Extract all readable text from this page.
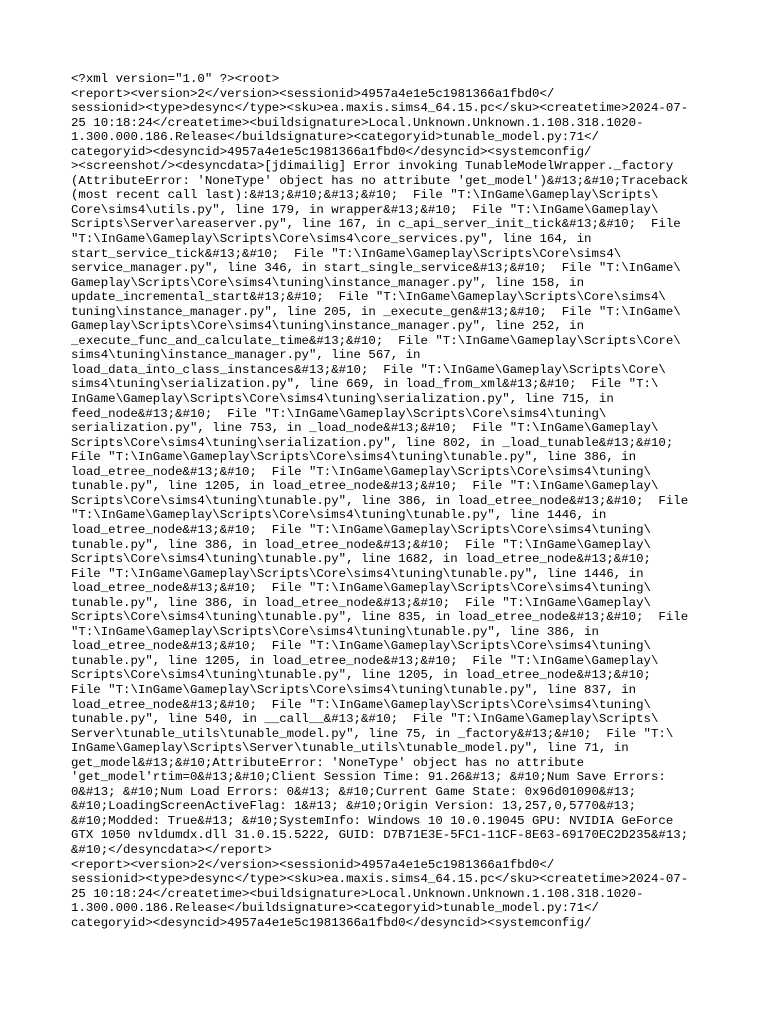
<?xml version="1.0" ?><root>
<report><version>2</version><sessionid>4957a4e1e5c1981366a1fbd0</
sessionid><type>desync</type><sku>ea.maxis.sims4_64.15.pc</sku><createtime>2024-07-
25 10:18:24</createtime><buildsignature>Local.Unknown.Unknown.1.108.318.1020-
1.300.000.186.Release</buildsignature><categoryid>tunable_model.py:71</
categoryid><desyncid>4957a4e1e5c1981366a1fbd0</desyncid><systemconfig/
><screenshot/><desyncdata>[jdimailig] Error invoking TunableModelWrapper._factory
(AttributeError: 'NoneType' object has no attribute 'get_model')&#13;&#10;Traceback
(most recent call last):&#13;&#10;&#13;&#10;  File "T:\InGame\Gameplay\Scripts\
Core\sims4\utils.py", line 179, in wrapper&#13;&#10;  File "T:\InGame\Gameplay\
Scripts\Server\areaserver.py", line 167, in c_api_server_init_tick&#13;&#10;  File
"T:\InGame\Gameplay\Scripts\Core\sims4\core_services.py", line 164, in
start_service_tick&#13;&#10;  File "T:\InGame\Gameplay\Scripts\Core\sims4\
service_manager.py", line 346, in start_single_service&#13;&#10;  File "T:\InGame\
Gameplay\Scripts\Core\sims4\tuning\instance_manager.py", line 158, in
update_incremental_start&#13;&#10;  File "T:\InGame\Gameplay\Scripts\Core\sims4\
tuning\instance_manager.py", line 205, in _execute_gen&#13;&#10;  File "T:\InGame\
Gameplay\Scripts\Core\sims4\tuning\instance_manager.py", line 252, in
_execute_func_and_calculate_time&#13;&#10;  File "T:\InGame\Gameplay\Scripts\Core\
sims4\tuning\instance_manager.py", line 567, in
load_data_into_class_instances&#13;&#10;  File "T:\InGame\Gameplay\Scripts\Core\
sims4\tuning\serialization.py", line 669, in load_from_xml&#13;&#10;  File "T:\
InGame\Gameplay\Scripts\Core\sims4\tuning\serialization.py", line 715, in
feed_node&#13;&#10;  File "T:\InGame\Gameplay\Scripts\Core\sims4\tuning\
serialization.py", line 753, in _load_node&#13;&#10;  File "T:\InGame\Gameplay\
Scripts\Core\sims4\tuning\serialization.py", line 802, in _load_tunable&#13;&#10;
File "T:\InGame\Gameplay\Scripts\Core\sims4\tuning\tunable.py", line 386, in
load_etree_node&#13;&#10;  File "T:\InGame\Gameplay\Scripts\Core\sims4\tuning\
tunable.py", line 1205, in load_etree_node&#13;&#10;  File "T:\InGame\Gameplay\
Scripts\Core\sims4\tuning\tunable.py", line 386, in load_etree_node&#13;&#10;  File
"T:\InGame\Gameplay\Scripts\Core\sims4\tuning\tunable.py", line 1446, in
load_etree_node&#13;&#10;  File "T:\InGame\Gameplay\Scripts\Core\sims4\tuning\
tunable.py", line 386, in load_etree_node&#13;&#10;  File "T:\InGame\Gameplay\
Scripts\Core\sims4\tuning\tunable.py", line 1682, in load_etree_node&#13;&#10;
File "T:\InGame\Gameplay\Scripts\Core\sims4\tuning\tunable.py", line 1446, in
load_etree_node&#13;&#10;  File "T:\InGame\Gameplay\Scripts\Core\sims4\tuning\
tunable.py", line 386, in load_etree_node&#13;&#10;  File "T:\InGame\Gameplay\
Scripts\Core\sims4\tuning\tunable.py", line 835, in load_etree_node&#13;&#10;  File
"T:\InGame\Gameplay\Scripts\Core\sims4\tuning\tunable.py", line 386, in
load_etree_node&#13;&#10;  File "T:\InGame\Gameplay\Scripts\Core\sims4\tuning\
tunable.py", line 1205, in load_etree_node&#13;&#10;  File "T:\InGame\Gameplay\
Scripts\Core\sims4\tuning\tunable.py", line 1205, in load_etree_node&#13;&#10;
File "T:\InGame\Gameplay\Scripts\Core\sims4\tuning\tunable.py", line 837, in
load_etree_node&#13;&#10;  File "T:\InGame\Gameplay\Scripts\Core\sims4\tuning\
tunable.py", line 540, in __call__&#13;&#10;  File "T:\InGame\Gameplay\Scripts\
Server\tunable_utils\tunable_model.py", line 75, in _factory&#13;&#10;  File "T:\
InGame\Gameplay\Scripts\Server\tunable_utils\tunable_model.py", line 71, in
get_model&#13;&#10;AttributeError: 'NoneType' object has no attribute
'get_model'rtim=0&#13;&#10;Client Session Time: 91.26&#13; &#10;Num Save Errors:
0&#13; &#10;Num Load Errors: 0&#13; &#10;Current Game State: 0x96d01090&#13;
&#10;LoadingScreenActiveFlag: 1&#13; &#10;Origin Version: 13,257,0,5770&#13;
&#10;Modded: True&#13; &#10;SystemInfo: Windows 10 10.0.19045 GPU: NVIDIA GeForce
GTX 1050 nvldumdx.dll 31.0.15.5222, GUID: D7B71E3E-5FC1-11CF-8E63-69170EC2D235&#13;
&#10;</desyncdata></report>
<report><version>2</version><sessionid>4957a4e1e5c1981366a1fbd0</
sessionid><type>desync</type><sku>ea.maxis.sims4_64.15.pc</sku><createtime>2024-07-
25 10:18:24</createtime><buildsignature>Local.Unknown.Unknown.1.108.318.1020-
1.300.000.186.Release</buildsignature><categoryid>tunable_model.py:71</
categoryid><desyncid>4957a4e1e5c1981366a1fbd0</desyncid><systemconfig/
